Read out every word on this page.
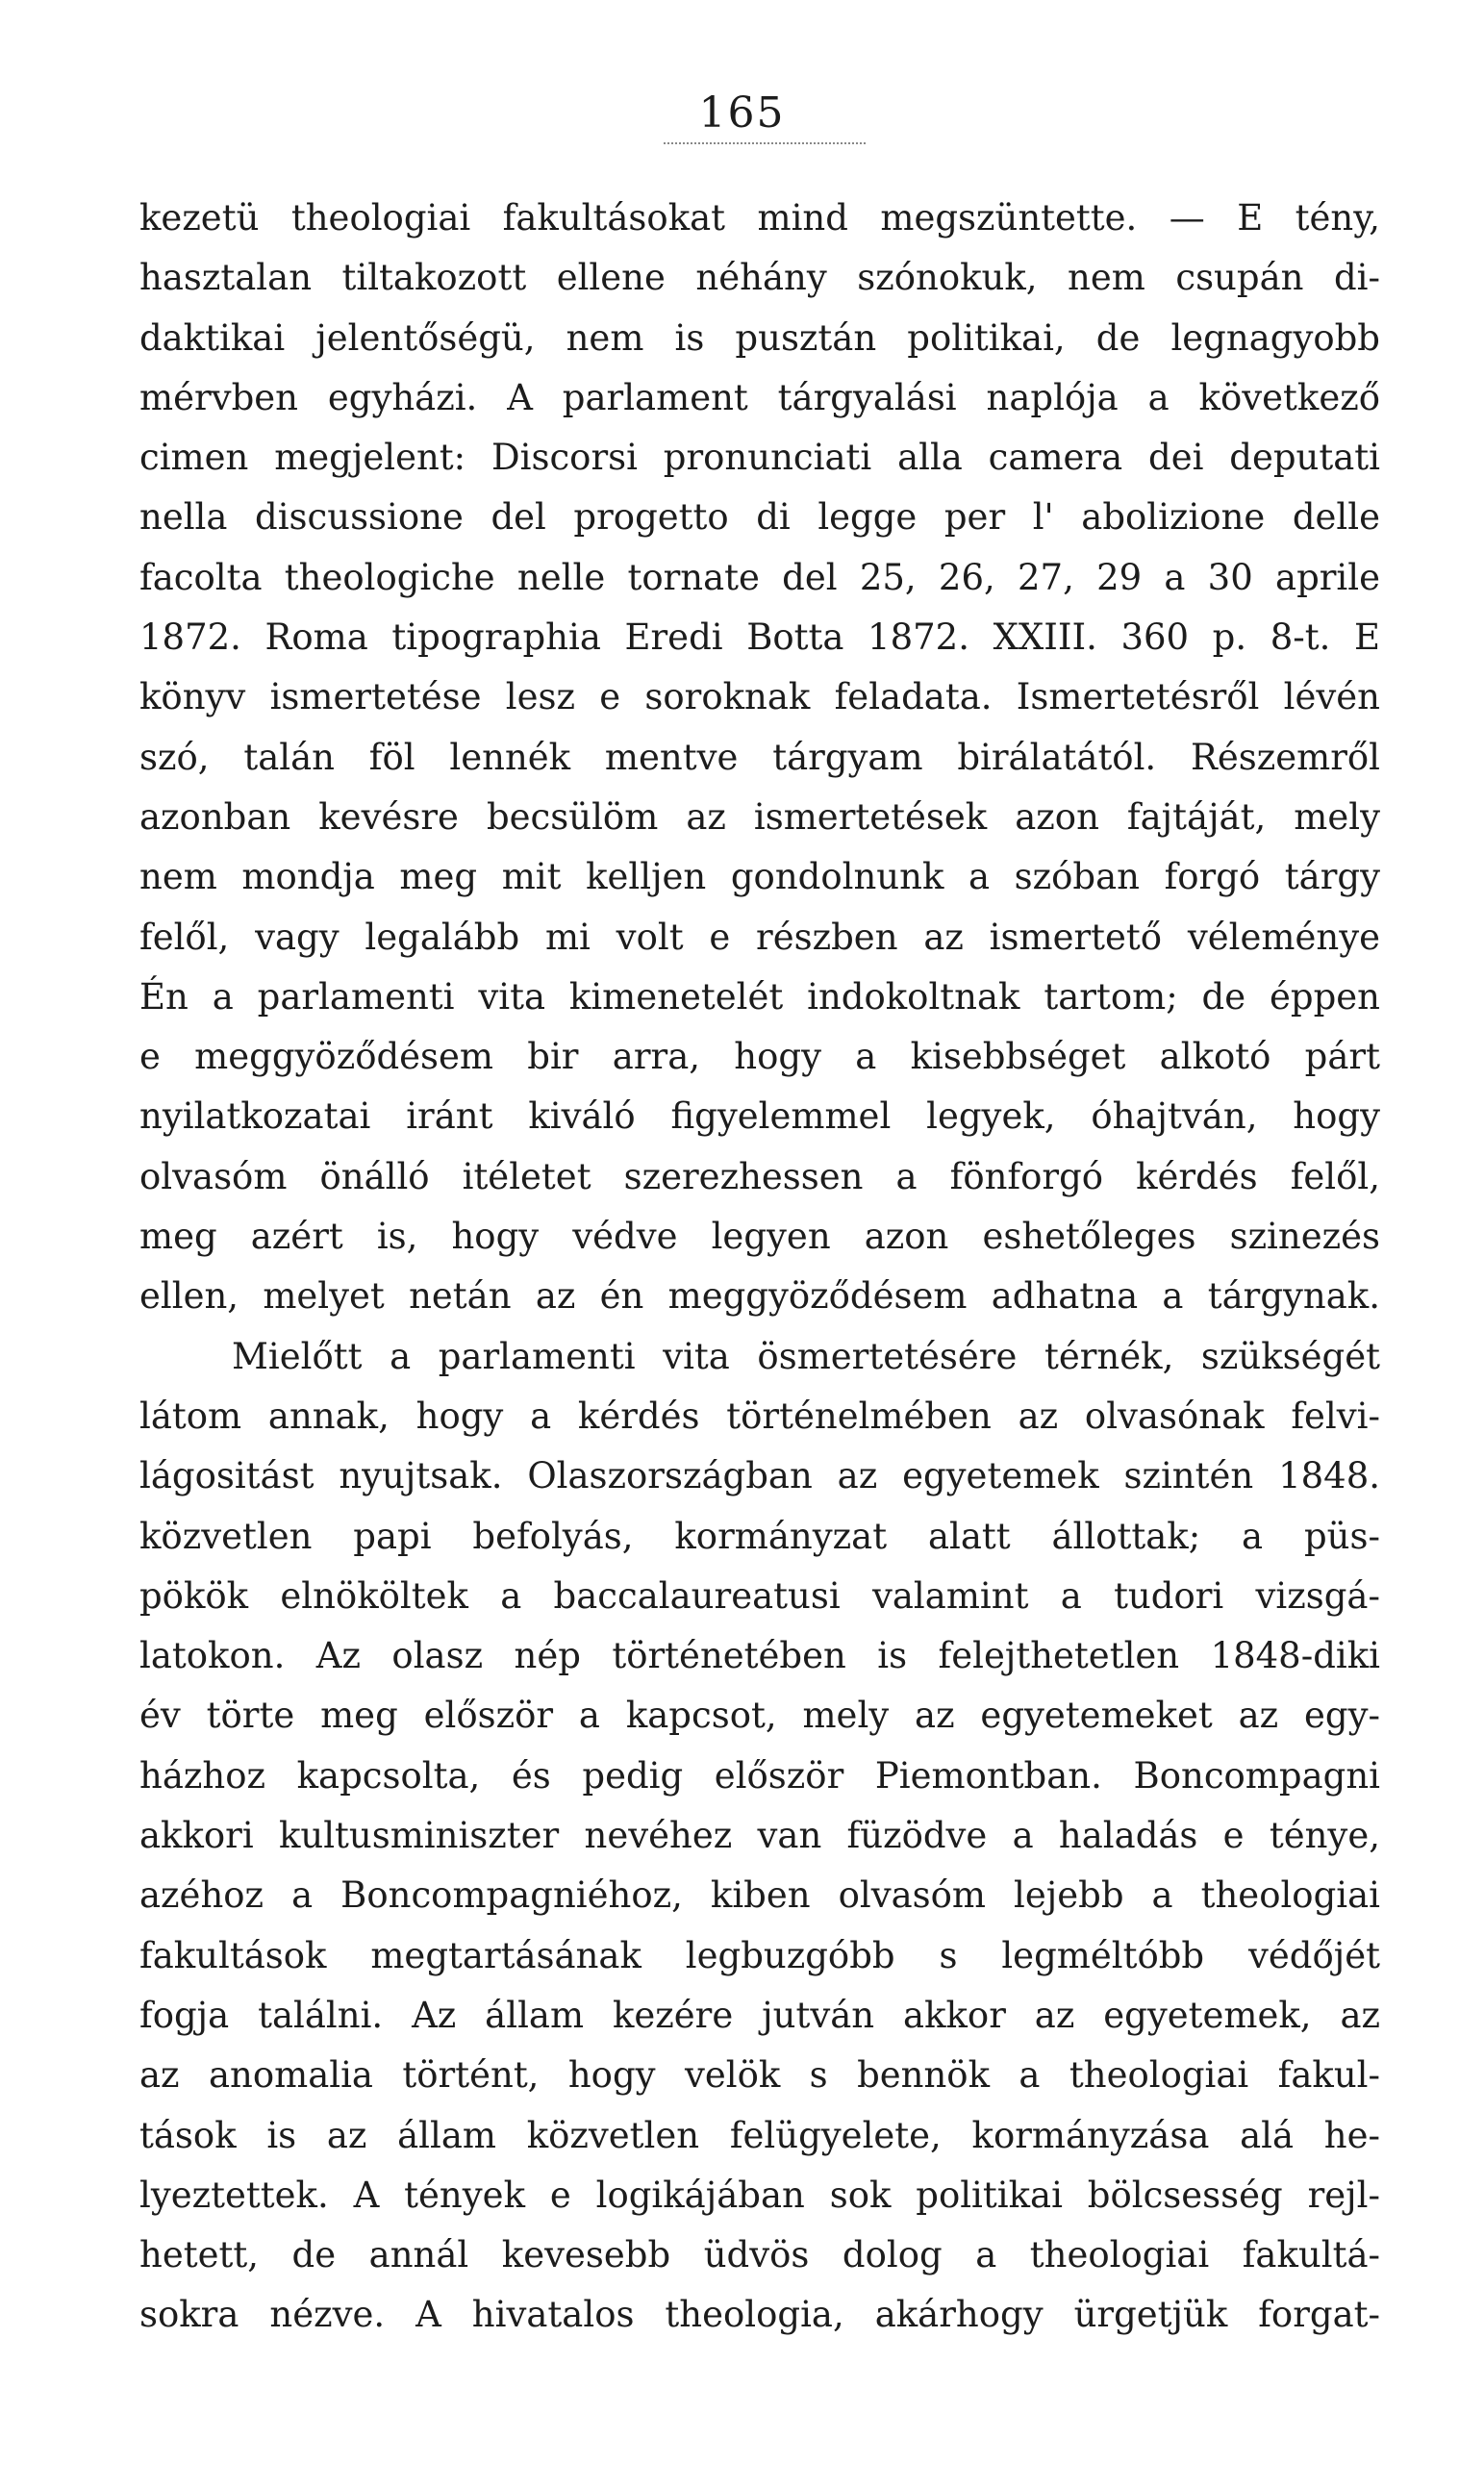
165
kezetü theologiai fakultásokat mind megszüntette. — E tény,
hasztalan tiltakozott ellene néhány szónokuk, nem csupán di-
daktikai jelentőségü, nem is pusztán politikai, de legnagyobb
mérvben egyházi. A parlament tárgyalási naplója a következő
cimen megjelent: Discorsi pronunciati alla camera dei deputati
nella discussione del progetto di legge per l' abolizione delle
facolta theologiche nelle tornate del 25, 26, 27, 29 a 30 aprile
1872. Roma tipographia Eredi Botta 1872. XXIII. 360 p. 8-t. E
könyv ismertetése lesz e soroknak feladata. Ismertetésről lévén
szó, talán föl lennék mentve tárgyam birálatától. Részemről
azonban kevésre becsülöm az ismertetések azon fajtáját, mely
nem mondja meg mit kelljen gondolnunk a szóban forgó tárgy
felől, vagy legalább mi volt e részben az ismertető véleménye
Én a parlamenti vita kimenetelét indokoltnak tartom; de éppen
e meggyöződésem bir arra, hogy a kisebbséget alkotó párt
nyilatkozatai iránt kiváló figyelemmel legyek, óhajtván, hogy
olvasóm önálló itéletet szerezhessen a fönforgó kérdés felől,
meg azért is, hogy védve legyen azon eshetőleges szinezés
ellen, melyet netán az én meggyöződésem adhatna a tárgynak.
Mielőtt a parlamenti vita ösmertetésére térnék, szükségét
látom annak, hogy a kérdés történelmében az olvasónak felvi-
lágositást nyujtsak. Olaszországban az egyetemek szintén 1848.
közvetlen papi befolyás, kormányzat alatt állottak; a püs-
pökök elnököltek a baccalaureatusi valamint a tudori vizsgá-
latokon. Az olasz nép történetében is felejthetetlen 1848-diki
év törte meg először a kapcsot, mely az egyetemeket az egy-
házhoz kapcsolta, és pedig először Piemontban. Boncompagni
akkori kultusminiszter nevéhez van füzödve a haladás e ténye,
azéhoz a Boncompagniéhoz, kiben olvasóm lejebb a theologiai
fakultások megtartásának legbuzgóbb s legméltóbb védőjét
fogja találni. Az állam kezére jutván akkor az egyetemek, az
az anomalia történt, hogy velök s bennök a theologiai fakul-
tások is az állam közvetlen felügyelete, kormányzása alá he-
lyeztettek. A tények e logikájában sok politikai bölcsesség rejl-
hetett, de annál kevesebb üdvös dolog a theologiai fakultá-
sokra nézve. A hivatalos theologia, akárhogy ürgetjük forgat-
